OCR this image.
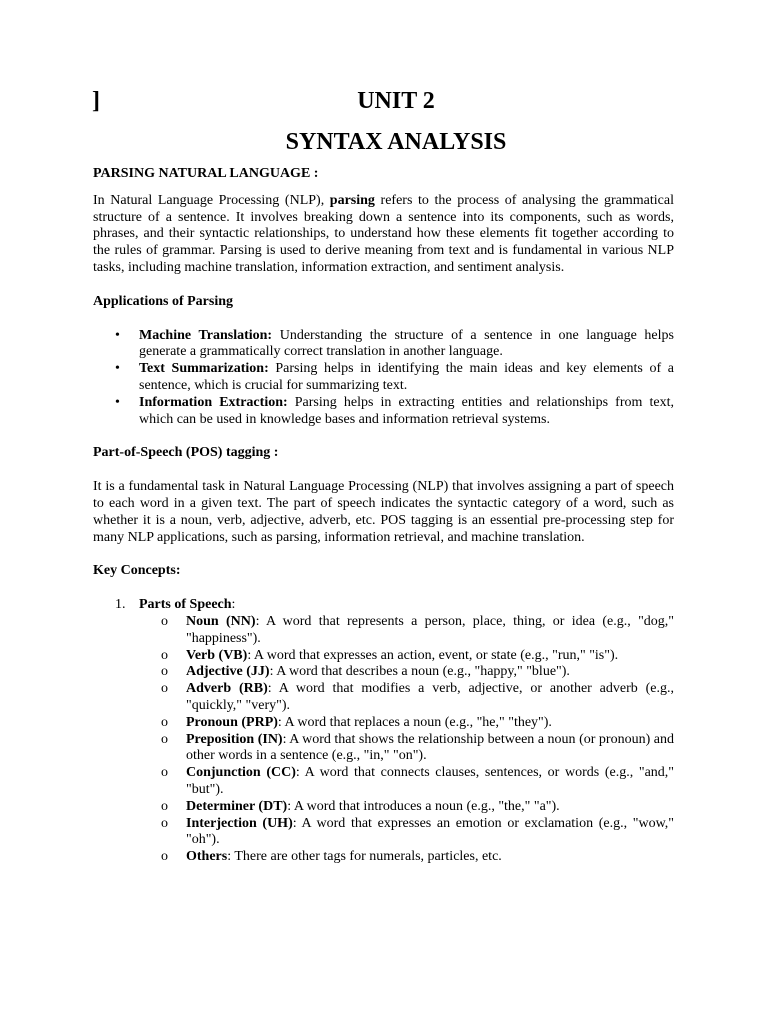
]	UNIT 2
SYNTAX ANALYSIS

PARSING NATURAL LANGUAGE :

In Natural Language Processing (NLP), parsing refers to the process of analysing the grammatical structure of a sentence. It involves breaking down a sentence into its components, such as words, phrases, and their syntactic relationships, to understand how these elements fit together according to the rules of grammar. Parsing is used to derive meaning from text and is fundamental in various NLP tasks, including machine translation, information extraction, and sentiment analysis.

Applications of Parsing

• Machine Translation: Understanding the structure of a sentence in one language helps generate a grammatically correct translation in another language.
• Text Summarization: Parsing helps in identifying the main ideas and key elements of a sentence, which is crucial for summarizing text.
• Information Extraction: Parsing helps in extracting entities and relationships from text, which can be used in knowledge bases and information retrieval systems.

Part-of-Speech (POS) tagging :

It is a fundamental task in Natural Language Processing (NLP) that involves assigning a part of speech to each word in a given text. The part of speech indicates the syntactic category of a word, such as whether it is a noun, verb, adjective, adverb, etc. POS tagging is an essential pre-processing step for many NLP applications, such as parsing, information retrieval, and machine translation.

Key Concepts:

1. Parts of Speech:
o Noun (NN): A word that represents a person, place, thing, or idea (e.g., "dog," "happiness").
o Verb (VB): A word that expresses an action, event, or state (e.g., "run," "is").
o Adjective (JJ): A word that describes a noun (e.g., "happy," "blue").
o Adverb (RB): A word that modifies a verb, adjective, or another adverb (e.g., "quickly," "very").
o Pronoun (PRP): A word that replaces a noun (e.g., "he," "they").
o Preposition (IN): A word that shows the relationship between a noun (or pronoun) and other words in a sentence (e.g., "in," "on").
o Conjunction (CC): A word that connects clauses, sentences, or words (e.g., "and," "but").
o Determiner (DT): A word that introduces a noun (e.g., "the," "a").
o Interjection (UH): A word that expresses an emotion or exclamation (e.g., "wow," "oh").
o Others: There are other tags for numerals, particles, etc.
